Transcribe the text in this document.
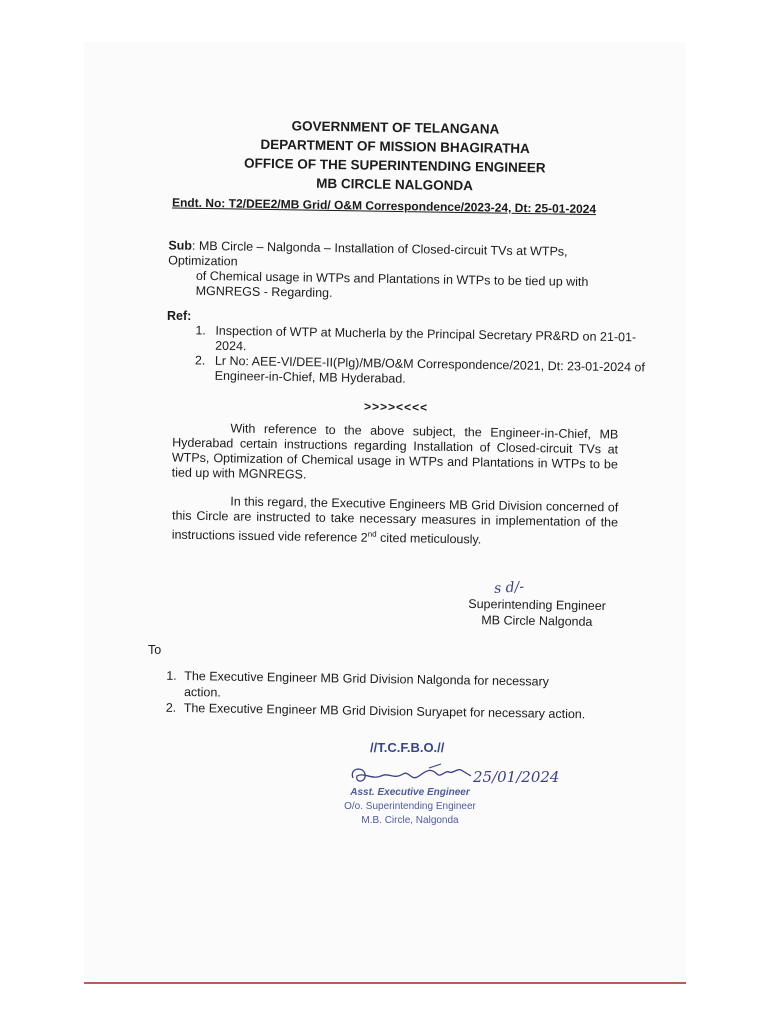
GOVERNMENT OF TELANGANA
DEPARTMENT OF MISSION BHAGIRATHA
OFFICE OF THE SUPERINTENDING ENGINEER
MB CIRCLE NALGONDA
Endt. No: T2/DEE2/MB Grid/ O&M Correspondence/2023-24, Dt: 25-01-2024
Sub: MB Circle – Nalgonda – Installation of Closed-circuit TVs at WTPs, Optimization
of Chemical usage in WTPs and Plantations in WTPs to be tied up with MGNREGS - Regarding.
Ref:
1. Inspection of WTP at Mucherla by the Principal Secretary PR&RD on 21-01-2024.
2. Lr No: AEE-VI/DEE-II(Plg)/MB/O&M Correspondence/2021, Dt: 23-01-2024 of Engineer-in-Chief, MB Hyderabad.
>>>><<<<
With reference to the above subject, the Engineer-in-Chief, MB Hyderabad certain instructions regarding Installation of Closed-circuit TVs at WTPs, Optimization of Chemical usage in WTPs and Plantations in WTPs to be tied up with MGNREGS.
In this regard, the Executive Engineers MB Grid Division concerned of this Circle are instructed to take necessary measures in implementation of the instructions issued vide reference 2nd cited meticulously.
s d/-
Superintending Engineer
MB Circle Nalgonda
To
1. The Executive Engineer MB Grid Division Nalgonda for necessary action.
2. The Executive Engineer MB Grid Division Suryapet for necessary action.
//T.C.F.B.O.//
25/01/2024
Asst. Executive Engineer
O/o. Superintending Engineer
M.B. Circle, Nalgonda
